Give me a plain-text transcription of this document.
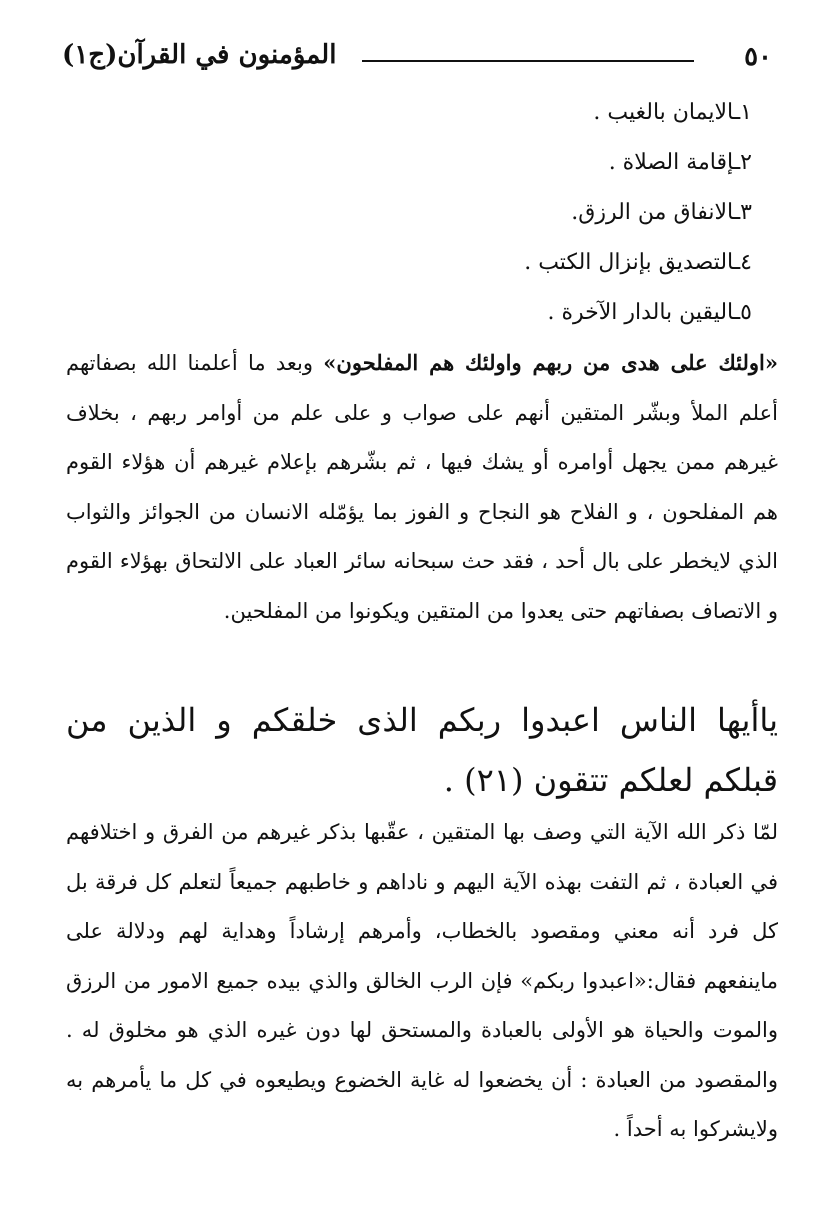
٥٠
المؤمنون في القرآن(ج١)
١ـالايمان بالغيب .
٢ـإقامة الصلاة .
٣ـالانفاق من الرزق.
٤ـالتصديق بإنزال الكتب .
٥ـاليقين بالدار الآخرة .

«اولئك على هدى من ربهم واولئك هم المفلحون» وبعد ما أعلمنا الله بصفاتهم أعلم الملأ وبشّر المتقين أنهم على صواب و على علم من أوامر ربهم ، بخلاف غيرهم ممن يجهل أوامره أو يشك فيها ، ثم بشّرهم بإعلام غيرهم أن هؤلاء القوم هم المفلحون ، و الفلاح هو النجاح و الفوز بما يؤمّله الانسان من الجوائز والثواب الذي لايخطر على بال أحد ، فقد حث سبحانه سائر العباد على الالتحاق بهؤلاء القوم و الاتصاف بصفاتهم حتى يعدوا من المتقين ويكونوا من المفلحين.

ياأيها الناس اعبدوا ربكم الذى خلقكم و الذين من قبلكم لعلكم تتقون (٢١) .

لمّا ذكر الله الآية التي وصف بها المتقين ، عقّبها بذكر غيرهم من الفرق و اختلافهم في العبادة ، ثم التفت بهذه الآية اليهم و ناداهم و خاطبهم جميعاً لتعلم كل فرقة بل كل فرد أنه معني ومقصود بالخطاب، وأمرهم إرشاداً وهداية لهم ودلالة على ماينفعهم فقال:«اعبدوا ربكم» فإن الرب الخالق والذي بيده جميع الامور من الرزق والموت والحياة هو الأولى بالعبادة والمستحق لها دون غيره الذي هو مخلوق له . والمقصود من العبادة : أن يخضعوا له غاية الخضوع ويطيعوه في كل ما يأمرهم به ولايشركوا به أحداً .
